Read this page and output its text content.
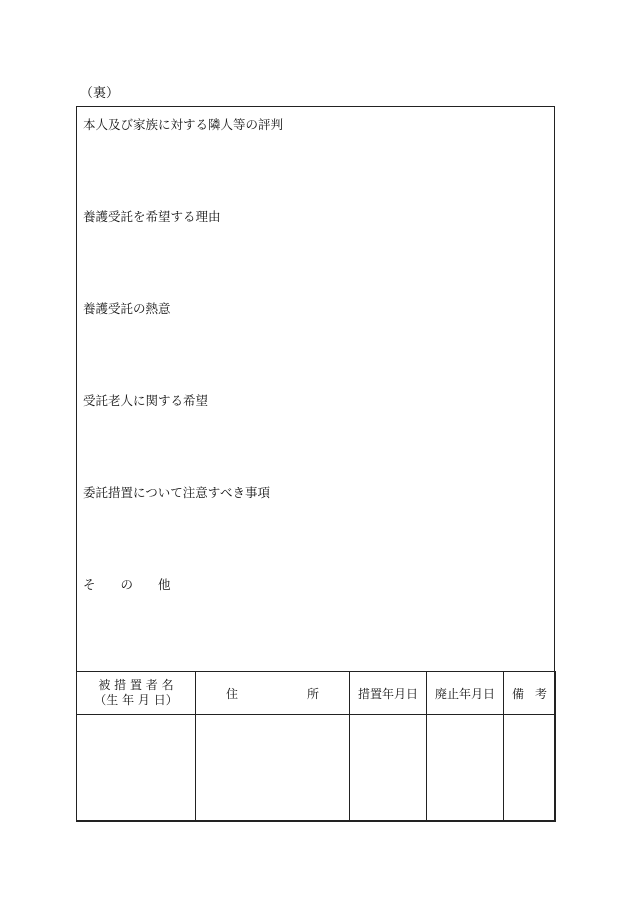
（裏）
本人及び家族に対する隣人等の評判
養護受託を希望する理由
養護受託の熱意
受託老人に関する希望
委託措置について注意すべき事項
そ　　の　　他
被 措 置 者 名
（生 年 月 日）	住 所	措置年月日	廃止年月日	備 考
